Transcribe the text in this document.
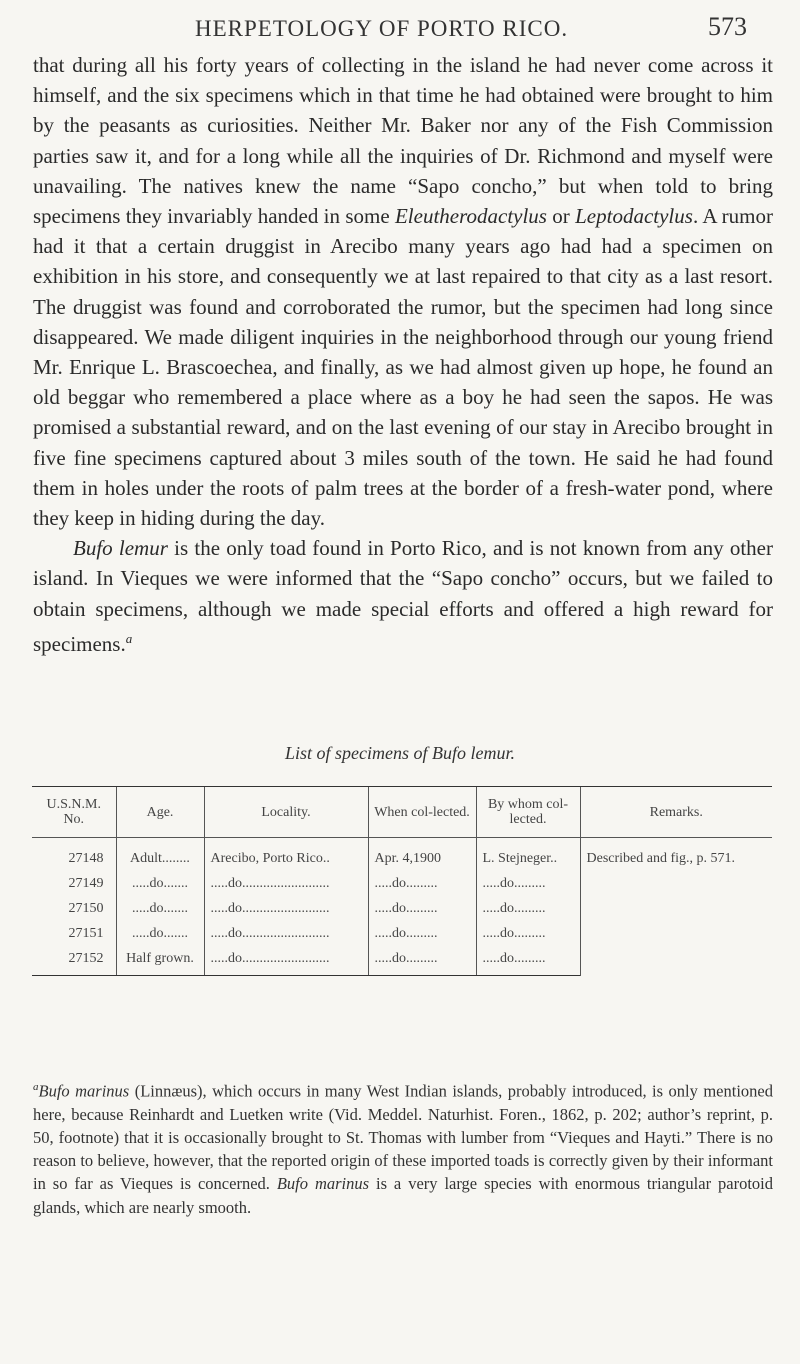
HERPETOLOGY OF PORTO RICO.	573

that during all his forty years of collecting in the island he had never come across it himself, and the six specimens which in that time he had obtained were brought to him by the peasants as curiosities. Neither Mr. Baker nor any of the Fish Commission parties saw it, and for a long while all the inquiries of Dr. Richmond and myself were unavailing. The natives knew the name “Sapo concho,” but when told to bring specimens they invariably handed in some Eleutherodactylus or Leptodactylus. A rumor had it that a certain druggist in Arecibo many years ago had had a specimen on exhibition in his store, and consequently we at last repaired to that city as a last resort. The druggist was found and corroborated the rumor, but the specimen had long since disappeared. We made diligent inquiries in the neighborhood through our young friend Mr. Enrique L. Brascoechea, and finally, as we had almost given up hope, he found an old beggar who remembered a place where as a boy he had seen the sapos. He was promised a substantial reward, and on the last evening of our stay in Arecibo brought in five fine specimens captured about 3 miles south of the town. He said he had found them in holes under the roots of palm trees at the border of a fresh-water pond, where they keep in hiding during the day.

Bufo lemur is the only toad found in Porto Rico, and is not known from any other island. In Vieques we were informed that the “Sapo concho” occurs, but we failed to obtain specimens, although we made special efforts and offered a high reward for specimens.$^a$

List of specimens of Bufo lemur.
U.S.N.M. No.	Age.	Locality.	When col-lected.	By whom col-lected.	Remarks.
27148	Adult........	Arecibo, Porto Rico..	Apr. 4,1900	L. Stejneger..	Described and fig., p. 571.
27149	.....do.......	.....do.........................	.....do.........	.....do.........	
27150	.....do.......	.....do.........................	.....do.........	.....do.........	
27151	.....do.......	.....do.........................	.....do.........	.....do.........	
27152	Half grown.	.....do.........................	.....do.........	.....do.........	
$^a$Bufo marinus (Linnæus), which occurs in many West Indian islands, probably introduced, is only mentioned here, because Reinhardt and Luetken write (Vid. Meddel. Naturhist. Foren., 1862, p. 202; author’s reprint, p. 50, footnote) that it is occasionally brought to St. Thomas with lumber from “Vieques and Hayti.” There is no reason to believe, however, that the reported origin of these imported toads is correctly given by their informant in so far as Vieques is concerned. Bufo marinus is a very large species with enormous triangular parotoid glands, which are nearly smooth.
